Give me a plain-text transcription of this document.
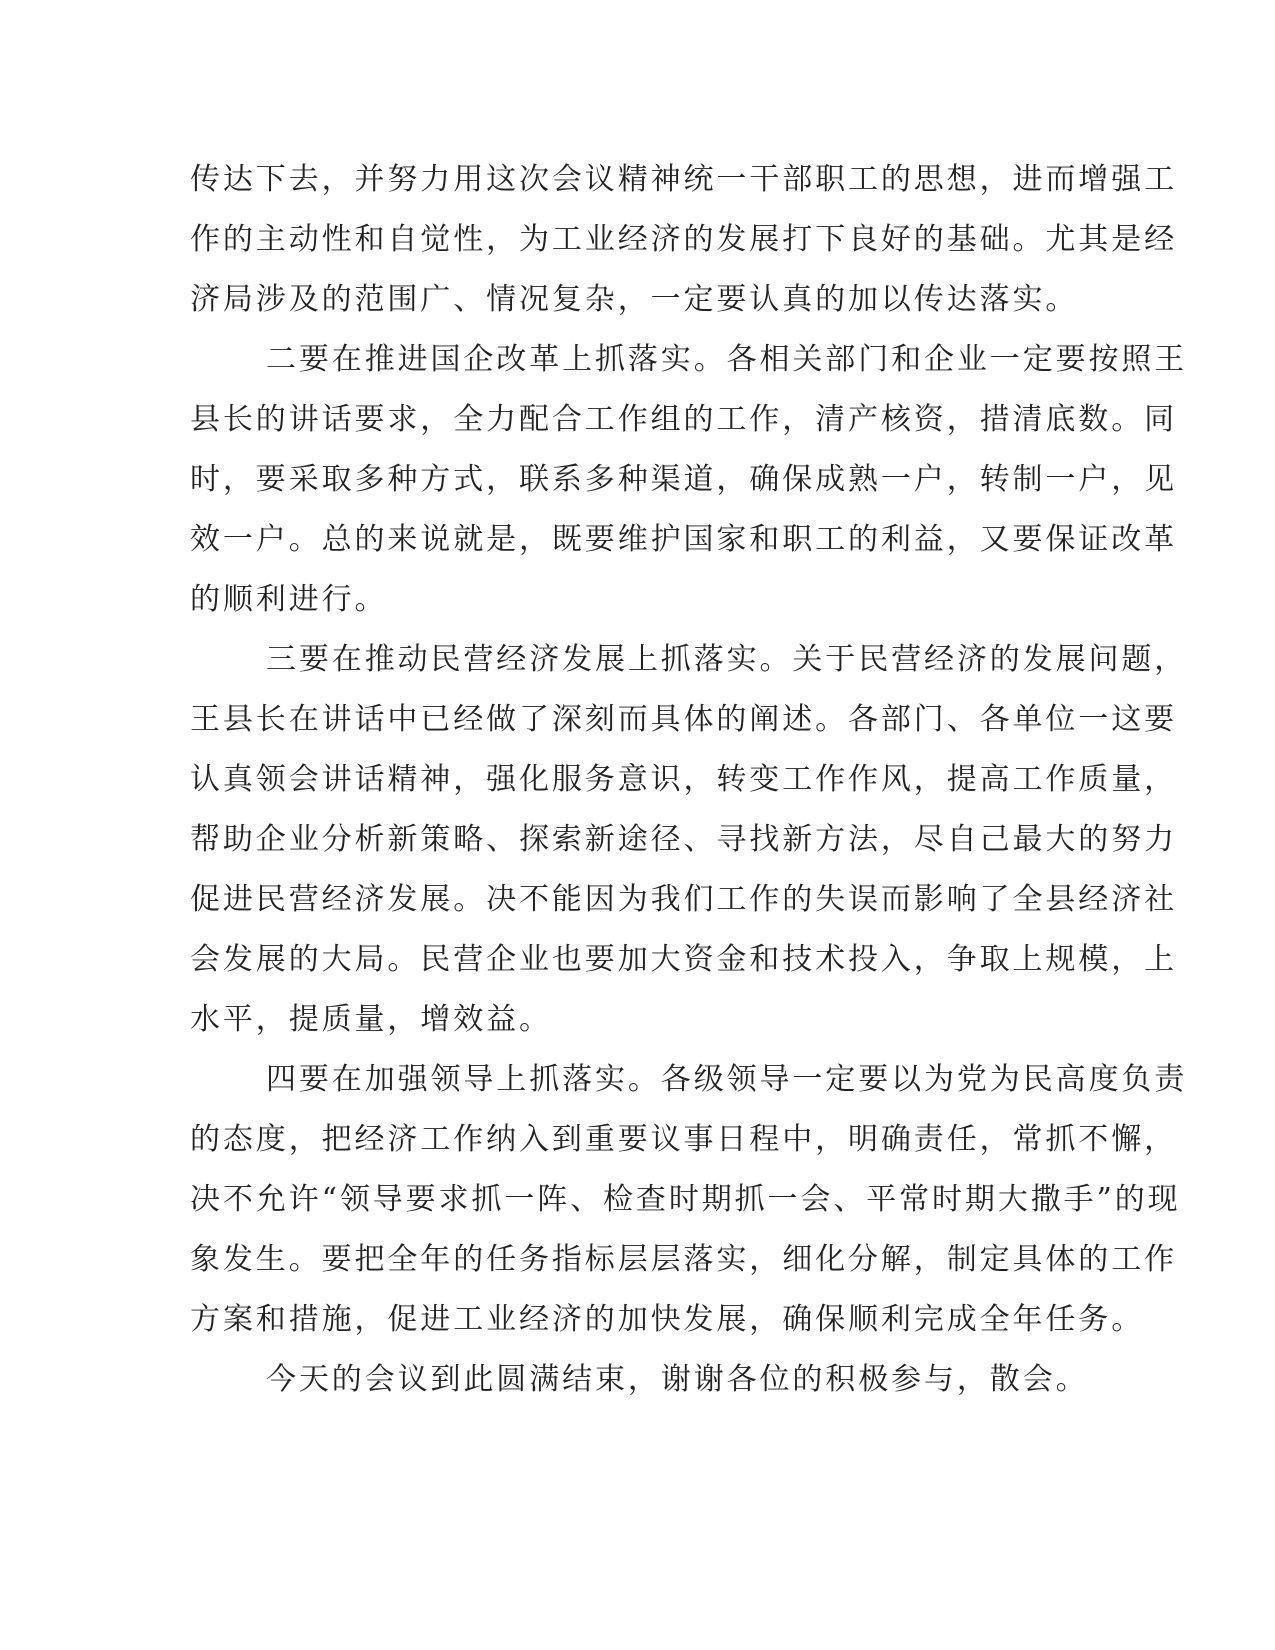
传达下去，并努力用这次会议精神统一干部职工的思想，进而增强工
作的主动性和自觉性，为工业经济的发展打下良好的基础。尤其是经
济局涉及的范围广、情况复杂，一定要认真的加以传达落实。
二要在推进国企改革上抓落实。各相关部门和企业一定要按照王
县长的讲话要求，全力配合工作组的工作，清产核资，措清底数。同
时，要采取多种方式，联系多种渠道，确保成熟一户，转制一户，见
效一户。总的来说就是，既要维护国家和职工的利益，又要保证改革
的顺利进行。
三要在推动民营经济发展上抓落实。关于民营经济的发展问题，
王县长在讲话中已经做了深刻而具体的阐述。各部门、各单位一这要
认真领会讲话精神，强化服务意识，转变工作作风，提高工作质量，
帮助企业分析新策略、探索新途径、寻找新方法，尽自己最大的努力
促进民营经济发展。决不能因为我们工作的失误而影响了全县经济社
会发展的大局。民营企业也要加大资金和技术投入，争取上规模，上
水平，提质量，增效益。
四要在加强领导上抓落实。各级领导一定要以为党为民高度负责
的态度，把经济工作纳入到重要议事日程中，明确责任，常抓不懈，
决不允许“领导要求抓一阵、检查时期抓一会、平常时期大撒手”的现
象发生。要把全年的任务指标层层落实，细化分解，制定具体的工作
方案和措施，促进工业经济的加快发展，确保顺利完成全年任务。
今天的会议到此圆满结束，谢谢各位的积极参与，散会。
